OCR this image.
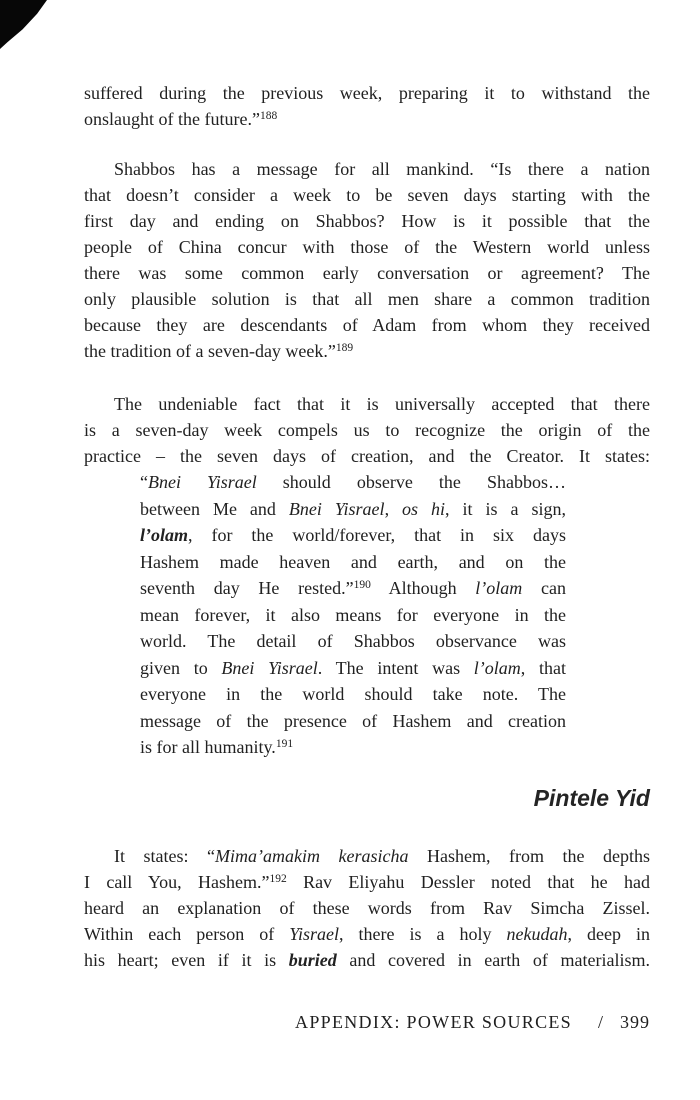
suffered during the previous week, preparing it to withstand the
onslaught of the future.”$^{188}$
Shabbos has a message for all mankind. “Is there a nation
that doesn’t consider a week to be seven days starting with the
first day and ending on Shabbos? How is it possible that the
people of China concur with those of the Western world unless
there was some common early conversation or agreement? The
only plausible solution is that all men share a common tradition
because they are descendants of Adam from whom they received
the tradition of a seven-day week.”$^{189}$
The undeniable fact that it is universally accepted that there
is a seven-day week compels us to recognize the origin of the
practice – the seven days of creation, and the Creator. It states:
“Bnei Yisrael should observe the Shabbos…
between Me and Bnei Yisrael, os hi, it is a sign,
l’olam, for the world/forever, that in six days
Hashem made heaven and earth, and on the
seventh day He rested.”$^{190}$ Although l’olam can
mean forever, it also means for everyone in the
world. The detail of Shabbos observance was
given to Bnei Yisrael. The intent was l’olam, that
everyone in the world should take note. The
message of the presence of Hashem and creation
is for all humanity.$^{191}$
Pintele Yid
It states: “Mima’amakim kerasicha Hashem, from the depths
I call You, Hashem.”$^{192}$ Rav Eliyahu Dessler noted that he had
heard an explanation of these words from Rav Simcha Zissel.
Within each person of Yisrael, there is a holy nekudah, deep in
his heart; even if it is buried and covered in earth of materialism.
APPENDIX: POWER SOURCES / 399
